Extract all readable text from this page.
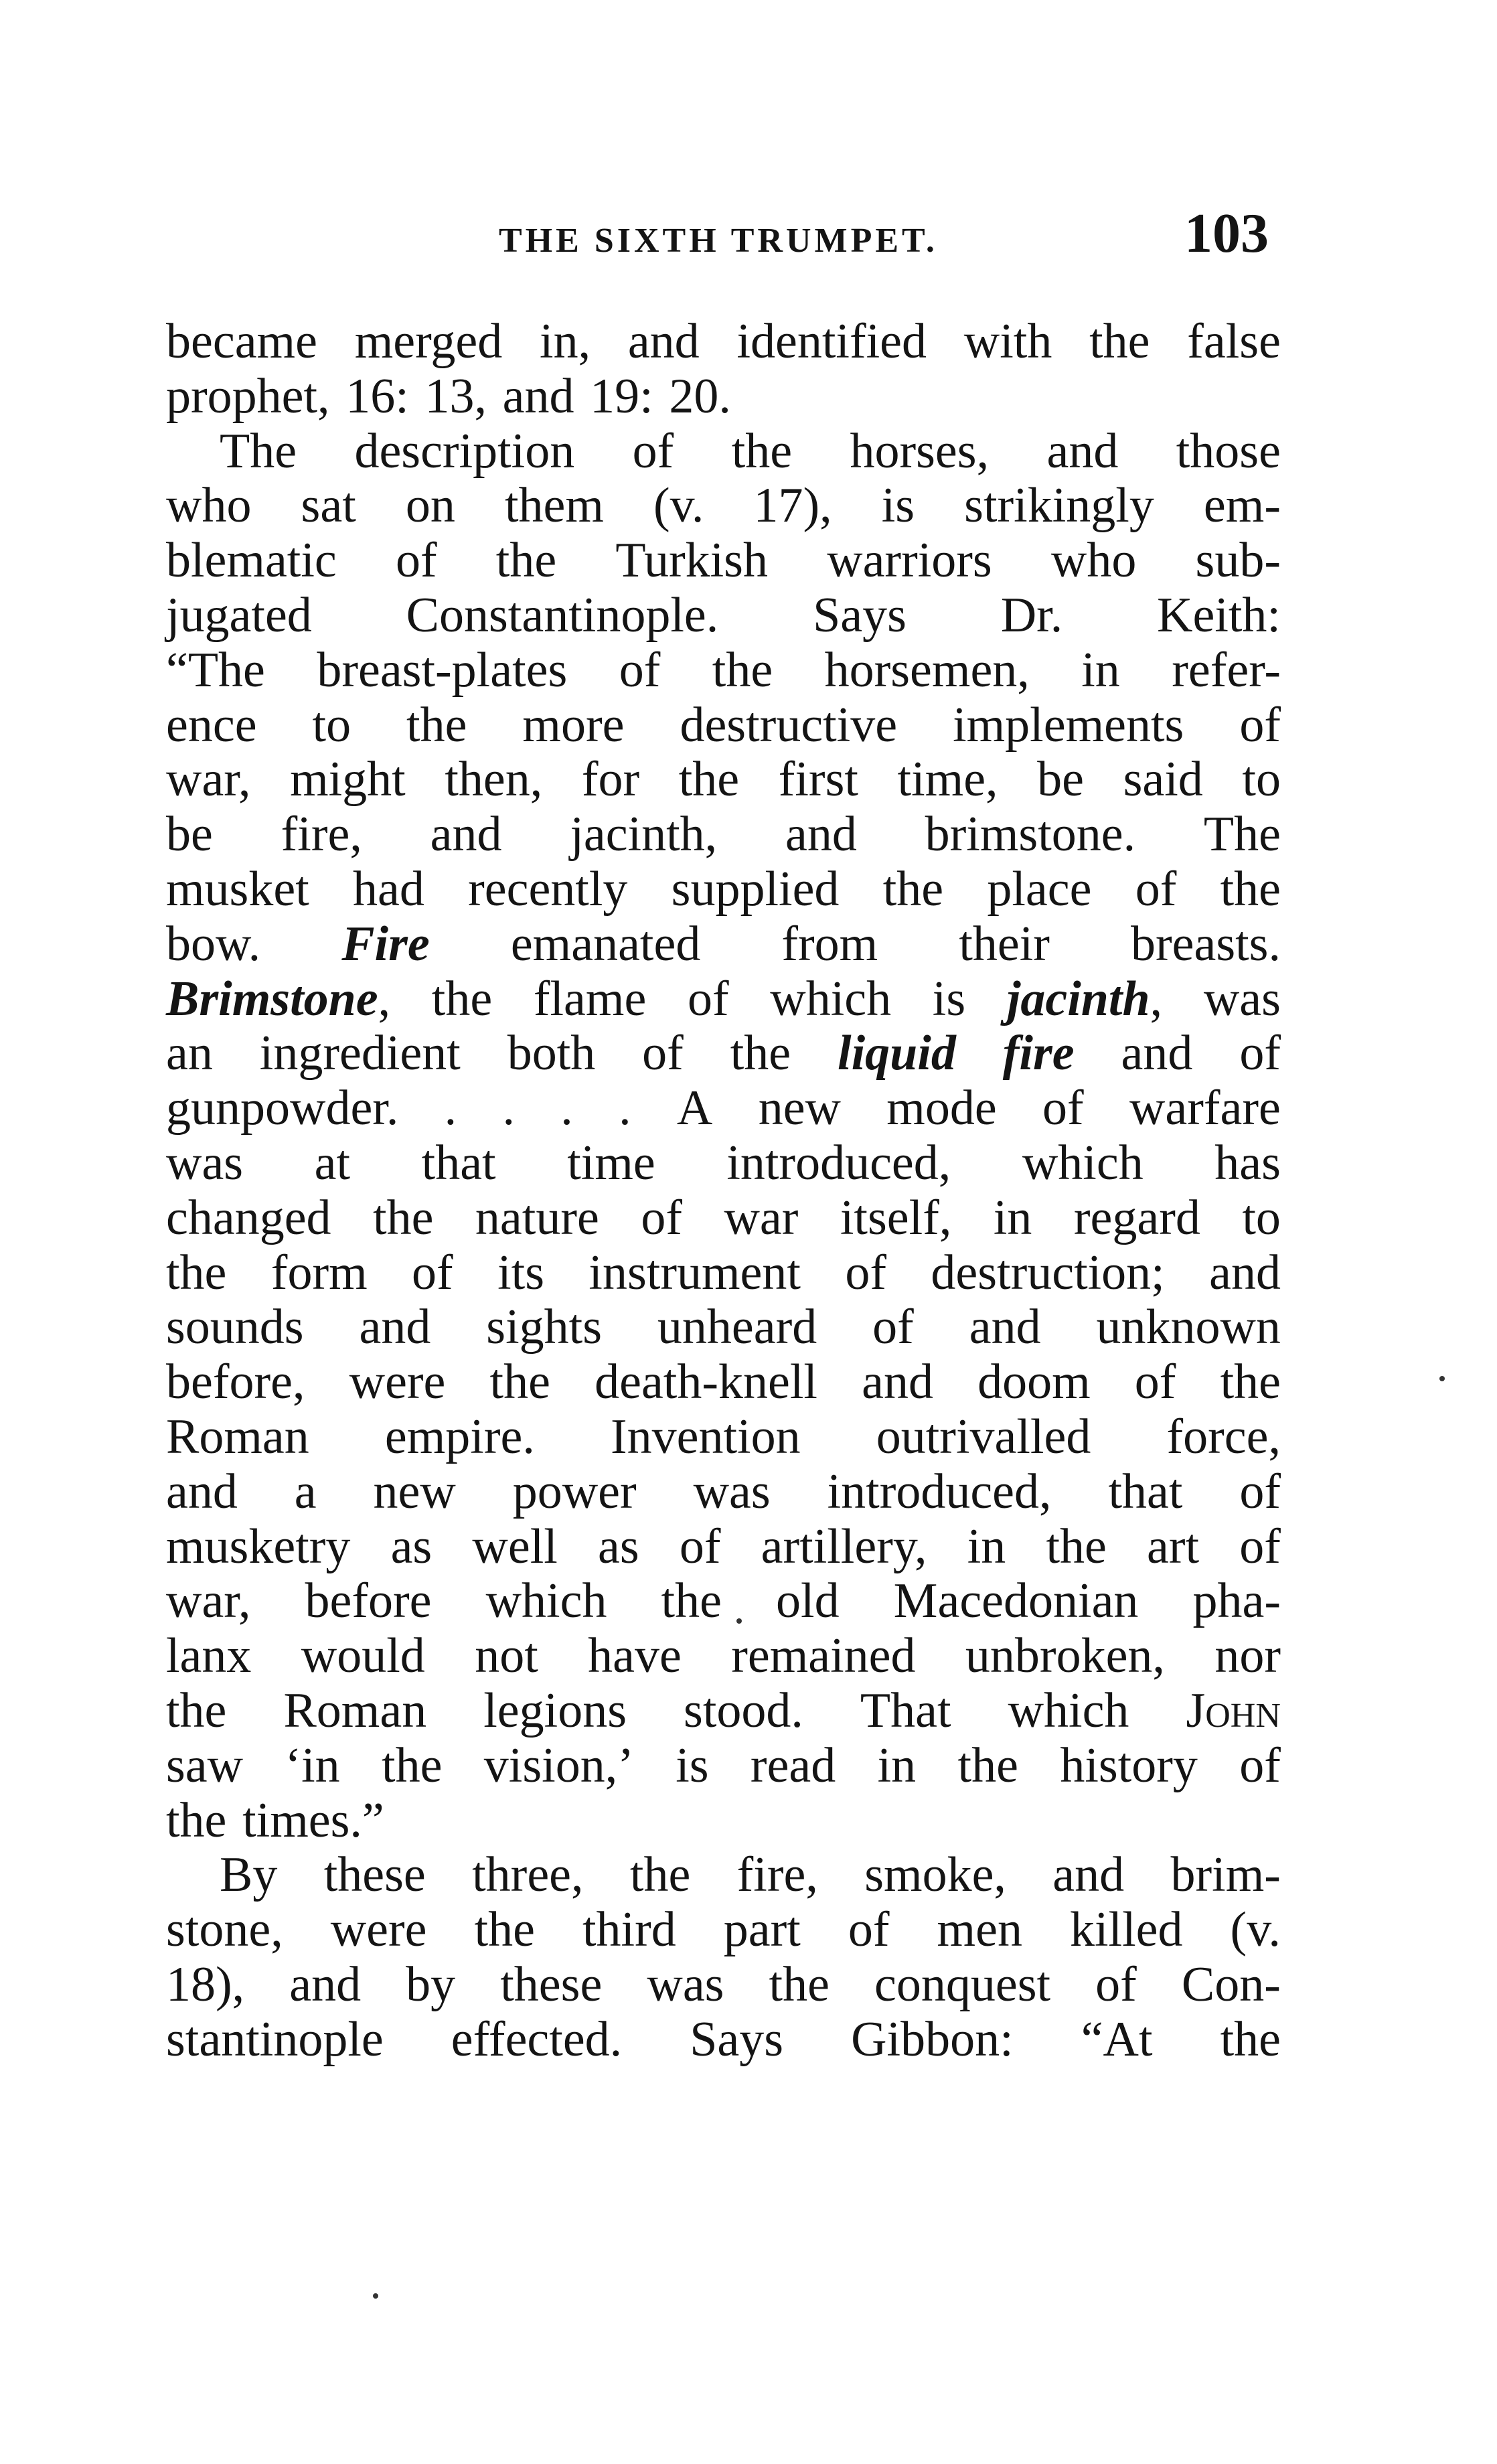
THE SIXTH TRUMPET.	103
became merged in, and identified with the false
prophet, 16: 13, and 19: 20.
The description of the horses, and those
who sat on them (v. 17), is strikingly em-
blematic of the Turkish warriors who sub-
jugated Constantinople. Says Dr. Keith:
“The breast-plates of the horsemen, in refer-
ence to the more destructive implements of
war, might then, for the first time, be said to
be fire, and jacinth, and brimstone. The
musket had recently supplied the place of the
bow. Fire emanated from their breasts.
Brimstone, the flame of which is jacinth, was
an ingredient both of the liquid fire and of
gunpowder. . . . . A new mode of warfare
was at that time introduced, which has
changed the nature of war itself, in regard to
the form of its instrument of destruction; and
sounds and sights unheard of and unknown
before, were the death-knell and doom of the
Roman empire. Invention outrivalled force,
and a new power was introduced, that of
musketry as well as of artillery, in the art of
war, before which the old Macedonian pha-
lanx would not have remained unbroken, nor
the Roman legions stood. That which John
saw ‘in the vision,’ is read in the history of
the times.”
By these three, the fire, smoke, and brim-
stone, were the third part of men killed (v.
18), and by these was the conquest of Con-
stantinople effected. Says Gibbon: “At the
